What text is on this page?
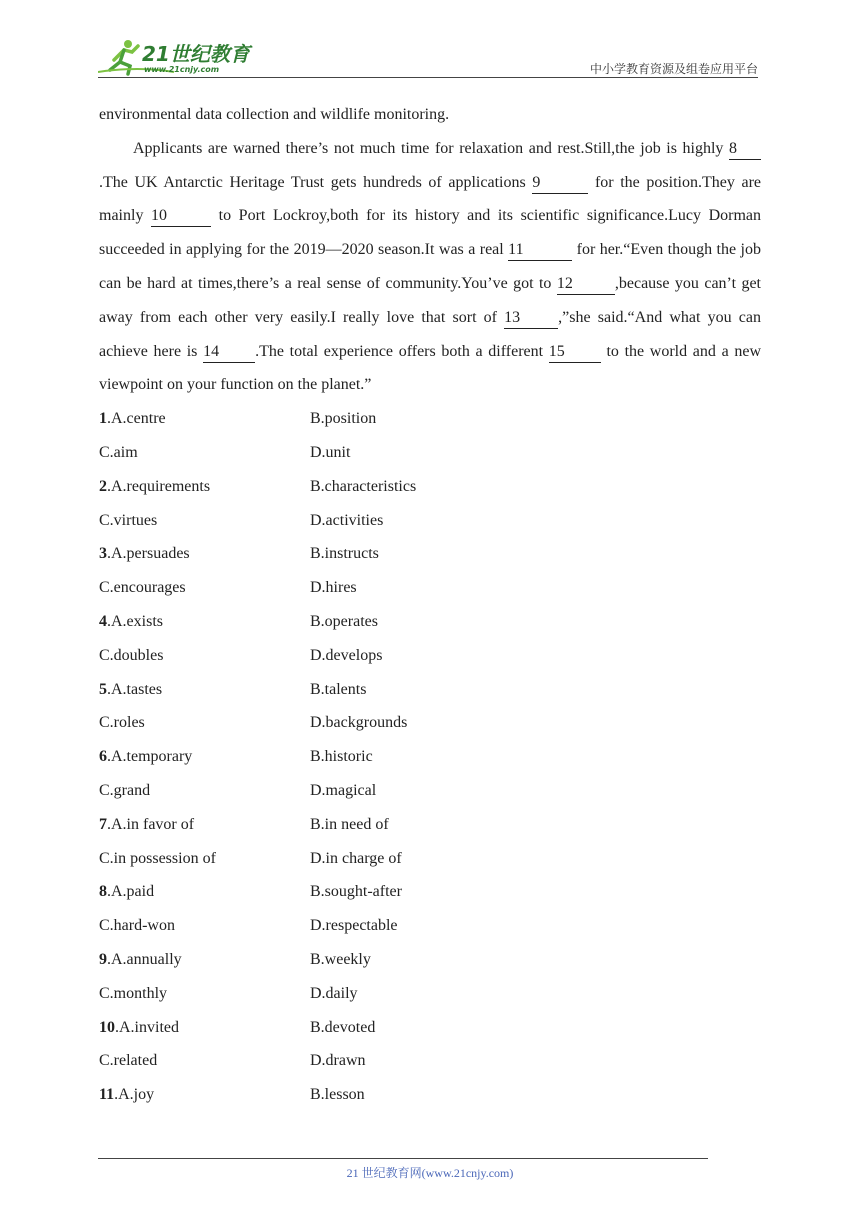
21世纪教育
www.21cnjy.com	中小学教育资源及组卷应用平台

environmental data collection and wildlife monitoring.

Applicants are warned there’s not much time for relaxation and rest.Still,the job is highly 8.The UK Antarctic Heritage Trust gets hundreds of applications 9	for the position.They are mainly 10	to Port Lockroy,both for its history and its scientific significance.Lucy Dorman succeeded in applying for the 2019—2020 season.It was a real 11	for her.“Even though the job can be hard at times,there’s a real sense of community.You’ve got to 12	,because you can’t get away from each other very easily.I really love that sort of 13 ,”she said.“And what you can achieve here is 14 .The total experience offers both a different 15 to the world and a new viewpoint on your function on the planet.”

1.A.centre	B.position
C.aim	D.unit
2.A.requirements	B.characteristics
C.virtues	D.activities
3.A.persuades	B.instructs
C.encourages	D.hires
4.A.exists	B.operates
C.doubles	D.develops
5.A.tastes	B.talents
C.roles	D.backgrounds
6.A.temporary	B.historic
C.grand	D.magical
7.A.in favor of	B.in need of
C.in possession of	D.in charge of
8.A.paid	B.sought-after
C.hard-won	D.respectable
9.A.annually	B.weekly
C.monthly	D.daily
10.A.invited	B.devoted
C.related	D.drawn
11.A.joy	B.lesson
21 世纪教育网(www.21cnjy.com)
